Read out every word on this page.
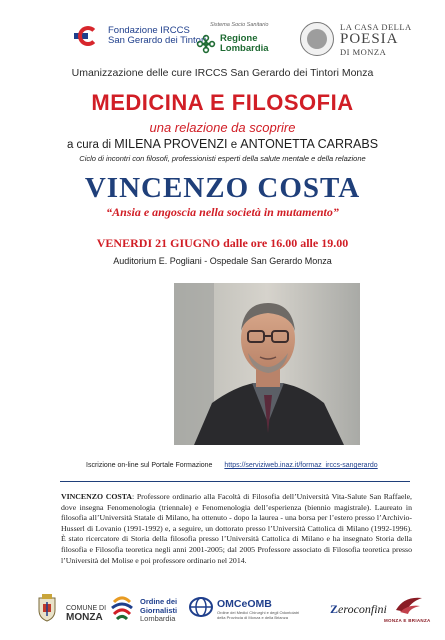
Fondazione IRCCS
San Gerardo dei Tintori
Sistema Socio Sanitario
Regione
Lombardia
LA CASA DELLA
POESIA
DI MONZA
Umanizzazione delle cure IRCCS San Gerardo dei Tintori Monza
MEDICINA E FILOSOFIA
una relazione da scoprire
a cura di MILENA PROVENZI e ANTONETTA CARRABS
Ciclo di incontri con filosofi, professionisti esperti della salute mentale e della relazione
VINCENZO COSTA
“Ansia e angoscia nella società in mutamento”
VENERDI 21 GIUGNO dalle ore 16.00 alle 19.00
Auditorium E. Pogliani - Ospedale San Gerardo Monza
Iscrizione on-line sul Portale Formazione https://serviziweb.inaz.it/formaz_irccs-sangerardo
VINCENZO COSTA: Professore ordinario alla Facoltà di Filosofia dell’Università Vita-Salute San Raffaele, dove insegna Fenomenologia (triennale) e Fenomenologia dell’esperienza (biennio magistrale). Laureato in filosofia all’Università Statale di Milano, ha ottenuto - dopo la laurea - una borsa per l’estero presso l’Archivio-Husserl di Lovanio (1991-1992) e, a seguire, un dottorato presso l’Università Cattolica di Milano (1992-1996). È stato ricercatore di Storia della filosofia presso l’Università Cattolica di Milano e ha insegnato Storia della filosofia e Filosofia teoretica negli anni 2001-2005; dal 2005 Professore associato di Filosofia teoretica presso l’Università del Molise e poi professore ordinario nel 2014.
COMUNE DI
MONZA
Ordine dei
Giornalisti
Lombardia
OMCeOMB
Ordine dei Medici Chirurghi e degli Odontoiatri
della Provincia di Monza e della Brianza
Zeroconfini
MONZA E BRIANZA
